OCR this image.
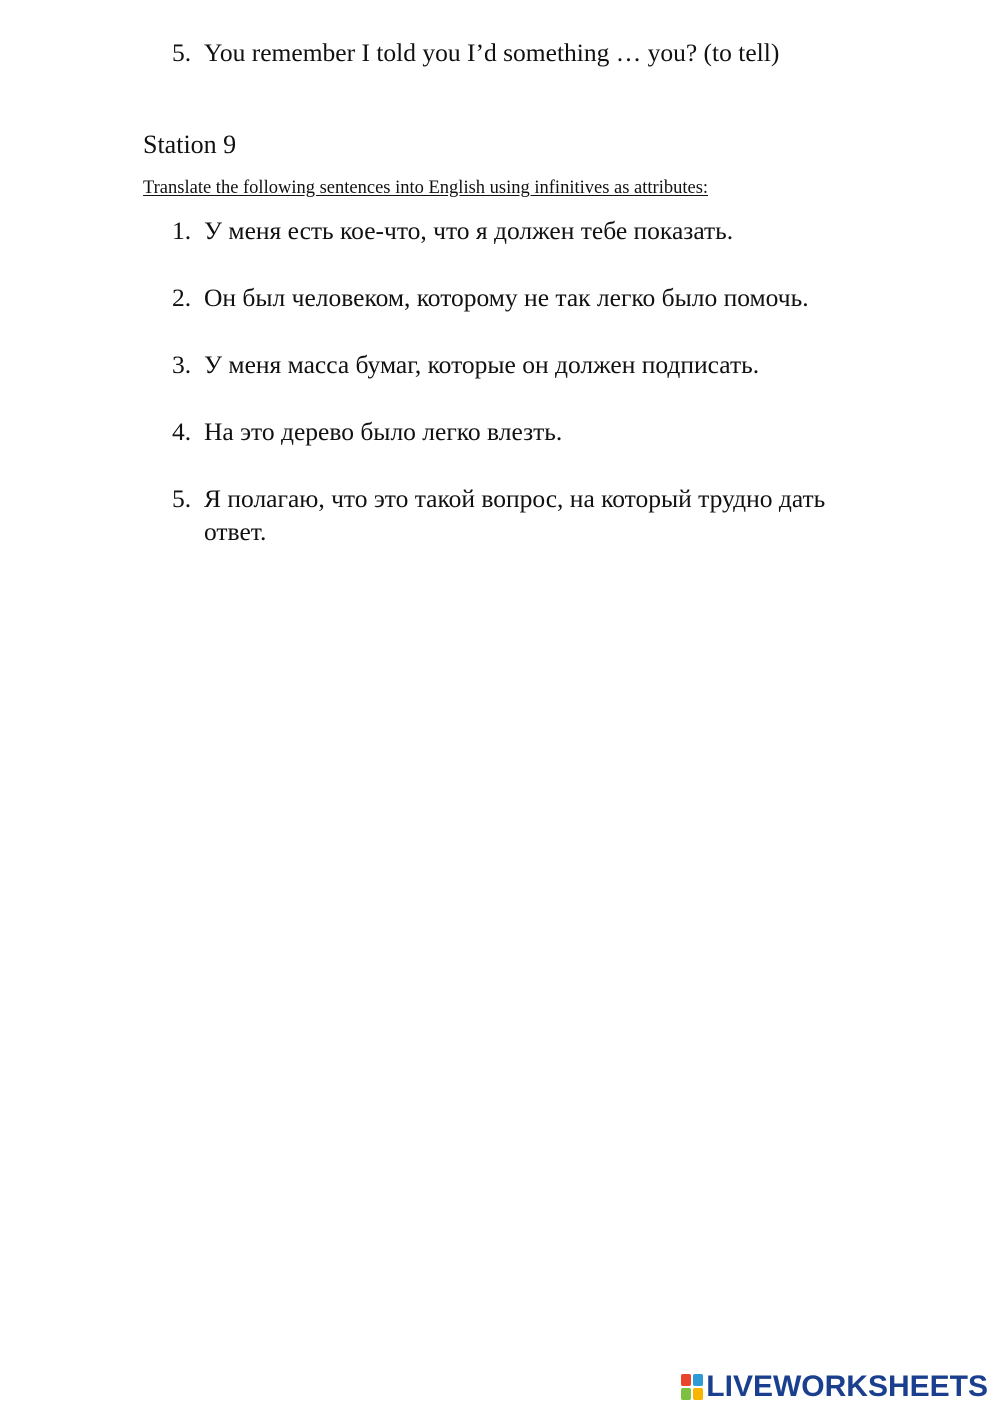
5. You remember I told you I’d something … you? (to tell)
Station 9
Translate the following sentences into English using infinitives as attributes:
1. У меня есть кое-что, что я должен тебе показать.
2. Он был человеком, которому не так легко было помочь.
3. У меня масса бумаг, которые он должен подписать.
4. На это дерево было легко влезть.
5. Я полагаю, что это такой вопрос, на который трудно дать ответ.
LIVEWORKSHEETS
